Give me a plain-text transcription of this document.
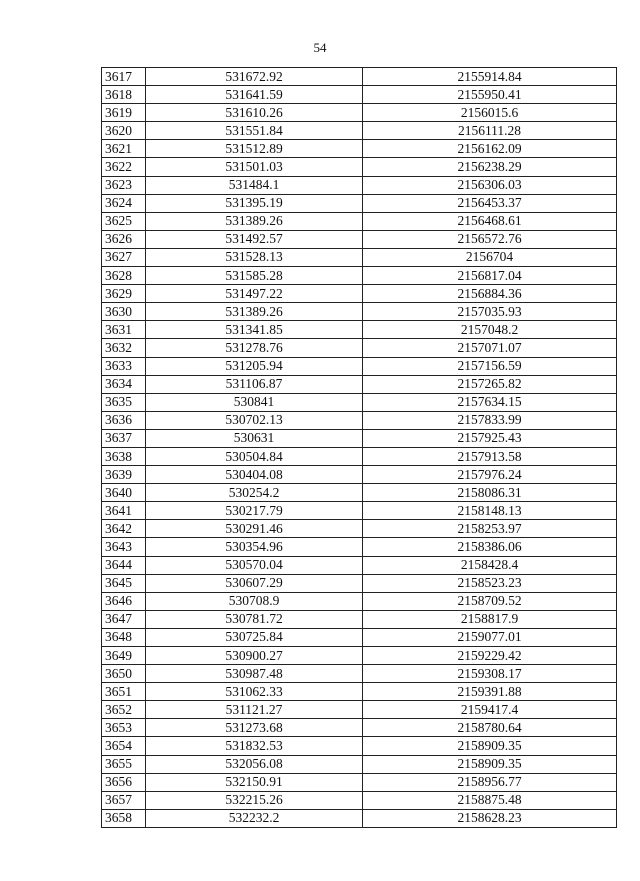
54
3617	531672.92	2155914.84
3618	531641.59	2155950.41
3619	531610.26	2156015.6
3620	531551.84	2156111.28
3621	531512.89	2156162.09
3622	531501.03	2156238.29
3623	531484.1	2156306.03
3624	531395.19	2156453.37
3625	531389.26	2156468.61
3626	531492.57	2156572.76
3627	531528.13	2156704
3628	531585.28	2156817.04
3629	531497.22	2156884.36
3630	531389.26	2157035.93
3631	531341.85	2157048.2
3632	531278.76	2157071.07
3633	531205.94	2157156.59
3634	531106.87	2157265.82
3635	530841	2157634.15
3636	530702.13	2157833.99
3637	530631	2157925.43
3638	530504.84	2157913.58
3639	530404.08	2157976.24
3640	530254.2	2158086.31
3641	530217.79	2158148.13
3642	530291.46	2158253.97
3643	530354.96	2158386.06
3644	530570.04	2158428.4
3645	530607.29	2158523.23
3646	530708.9	2158709.52
3647	530781.72	2158817.9
3648	530725.84	2159077.01
3649	530900.27	2159229.42
3650	530987.48	2159308.17
3651	531062.33	2159391.88
3652	531121.27	2159417.4
3653	531273.68	2158780.64
3654	531832.53	2158909.35
3655	532056.08	2158909.35
3656	532150.91	2158956.77
3657	532215.26	2158875.48
3658	532232.2	2158628.23
